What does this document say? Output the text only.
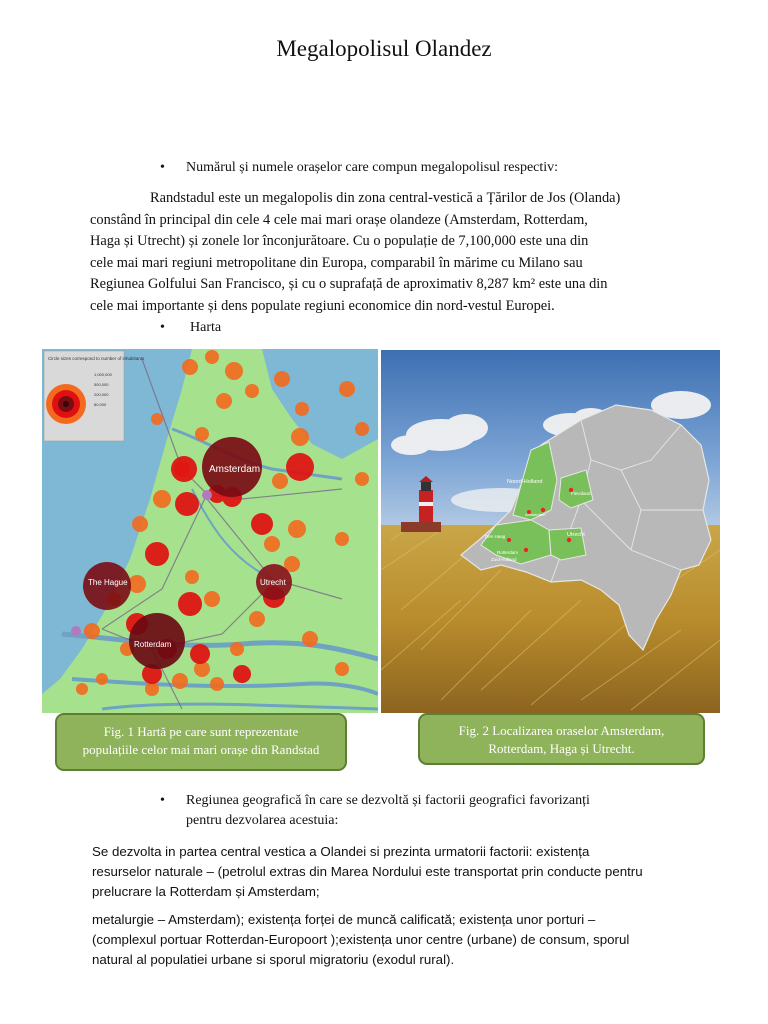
Megalopolisul Olandez
• Numărul și numele orașelor care compun megalopolisul respectiv:
Randstadul este un megalopolis din zona central-vestică a Țărilor de Jos (Olanda)
constând în principal din cele 4 cele mai mari orașe olandeze (Amsterdam, Rotterdam,
Haga și Utrecht) și zonele lor înconjurătoare. Cu o populație de 7,100,000 este una din
cele mai mari regiuni metropolitane din Europa, comparabil în mărime cu Milano sau
Regiunea Golfului San Francisco, și cu o suprafață de aproximativ 8,287 km² este una din
cele mai importante și dens populate regiuni economice din nord-vestul Europei.
• Harta
Circle sizes correspond to number of inhabitants
1,000,000
500,000
200,000
80,000
Amsterdam
The Hague	Utrecht
Rotterdam
Noord-Holland
Flevoland
Amsterdam
Den Haag	Utrecht
Rotterdam
Zuid-Holland
Fig. 1 Hartă pe care sunt reprezentate
populațiile celor mai mari orașe din Randstad
Fig. 2 Localizarea oraselor Amsterdam,
Rotterdam, Haga și Utrecht.
• Regiunea geografică în care se dezvoltă și factorii geografici favorizanți
pentru dezvolarea acestuia:
Se dezvolta in partea central vestica a Olandei si prezinta urmatorii factorii: existența
resurselor naturale – (petrolul extras din Marea Nordului este transportat prin conducte pentru
prelucrare la Rotterdam și Amsterdam;
metalurgie – Amsterdam); existența forței de muncă calificată; existența unor porturi –
(complexul portuar Rotterdan-Europoort );existența unor centre (urbane) de consum, sporul
natural al populatiei urbane si sporul migratoriu (exodul rural).
